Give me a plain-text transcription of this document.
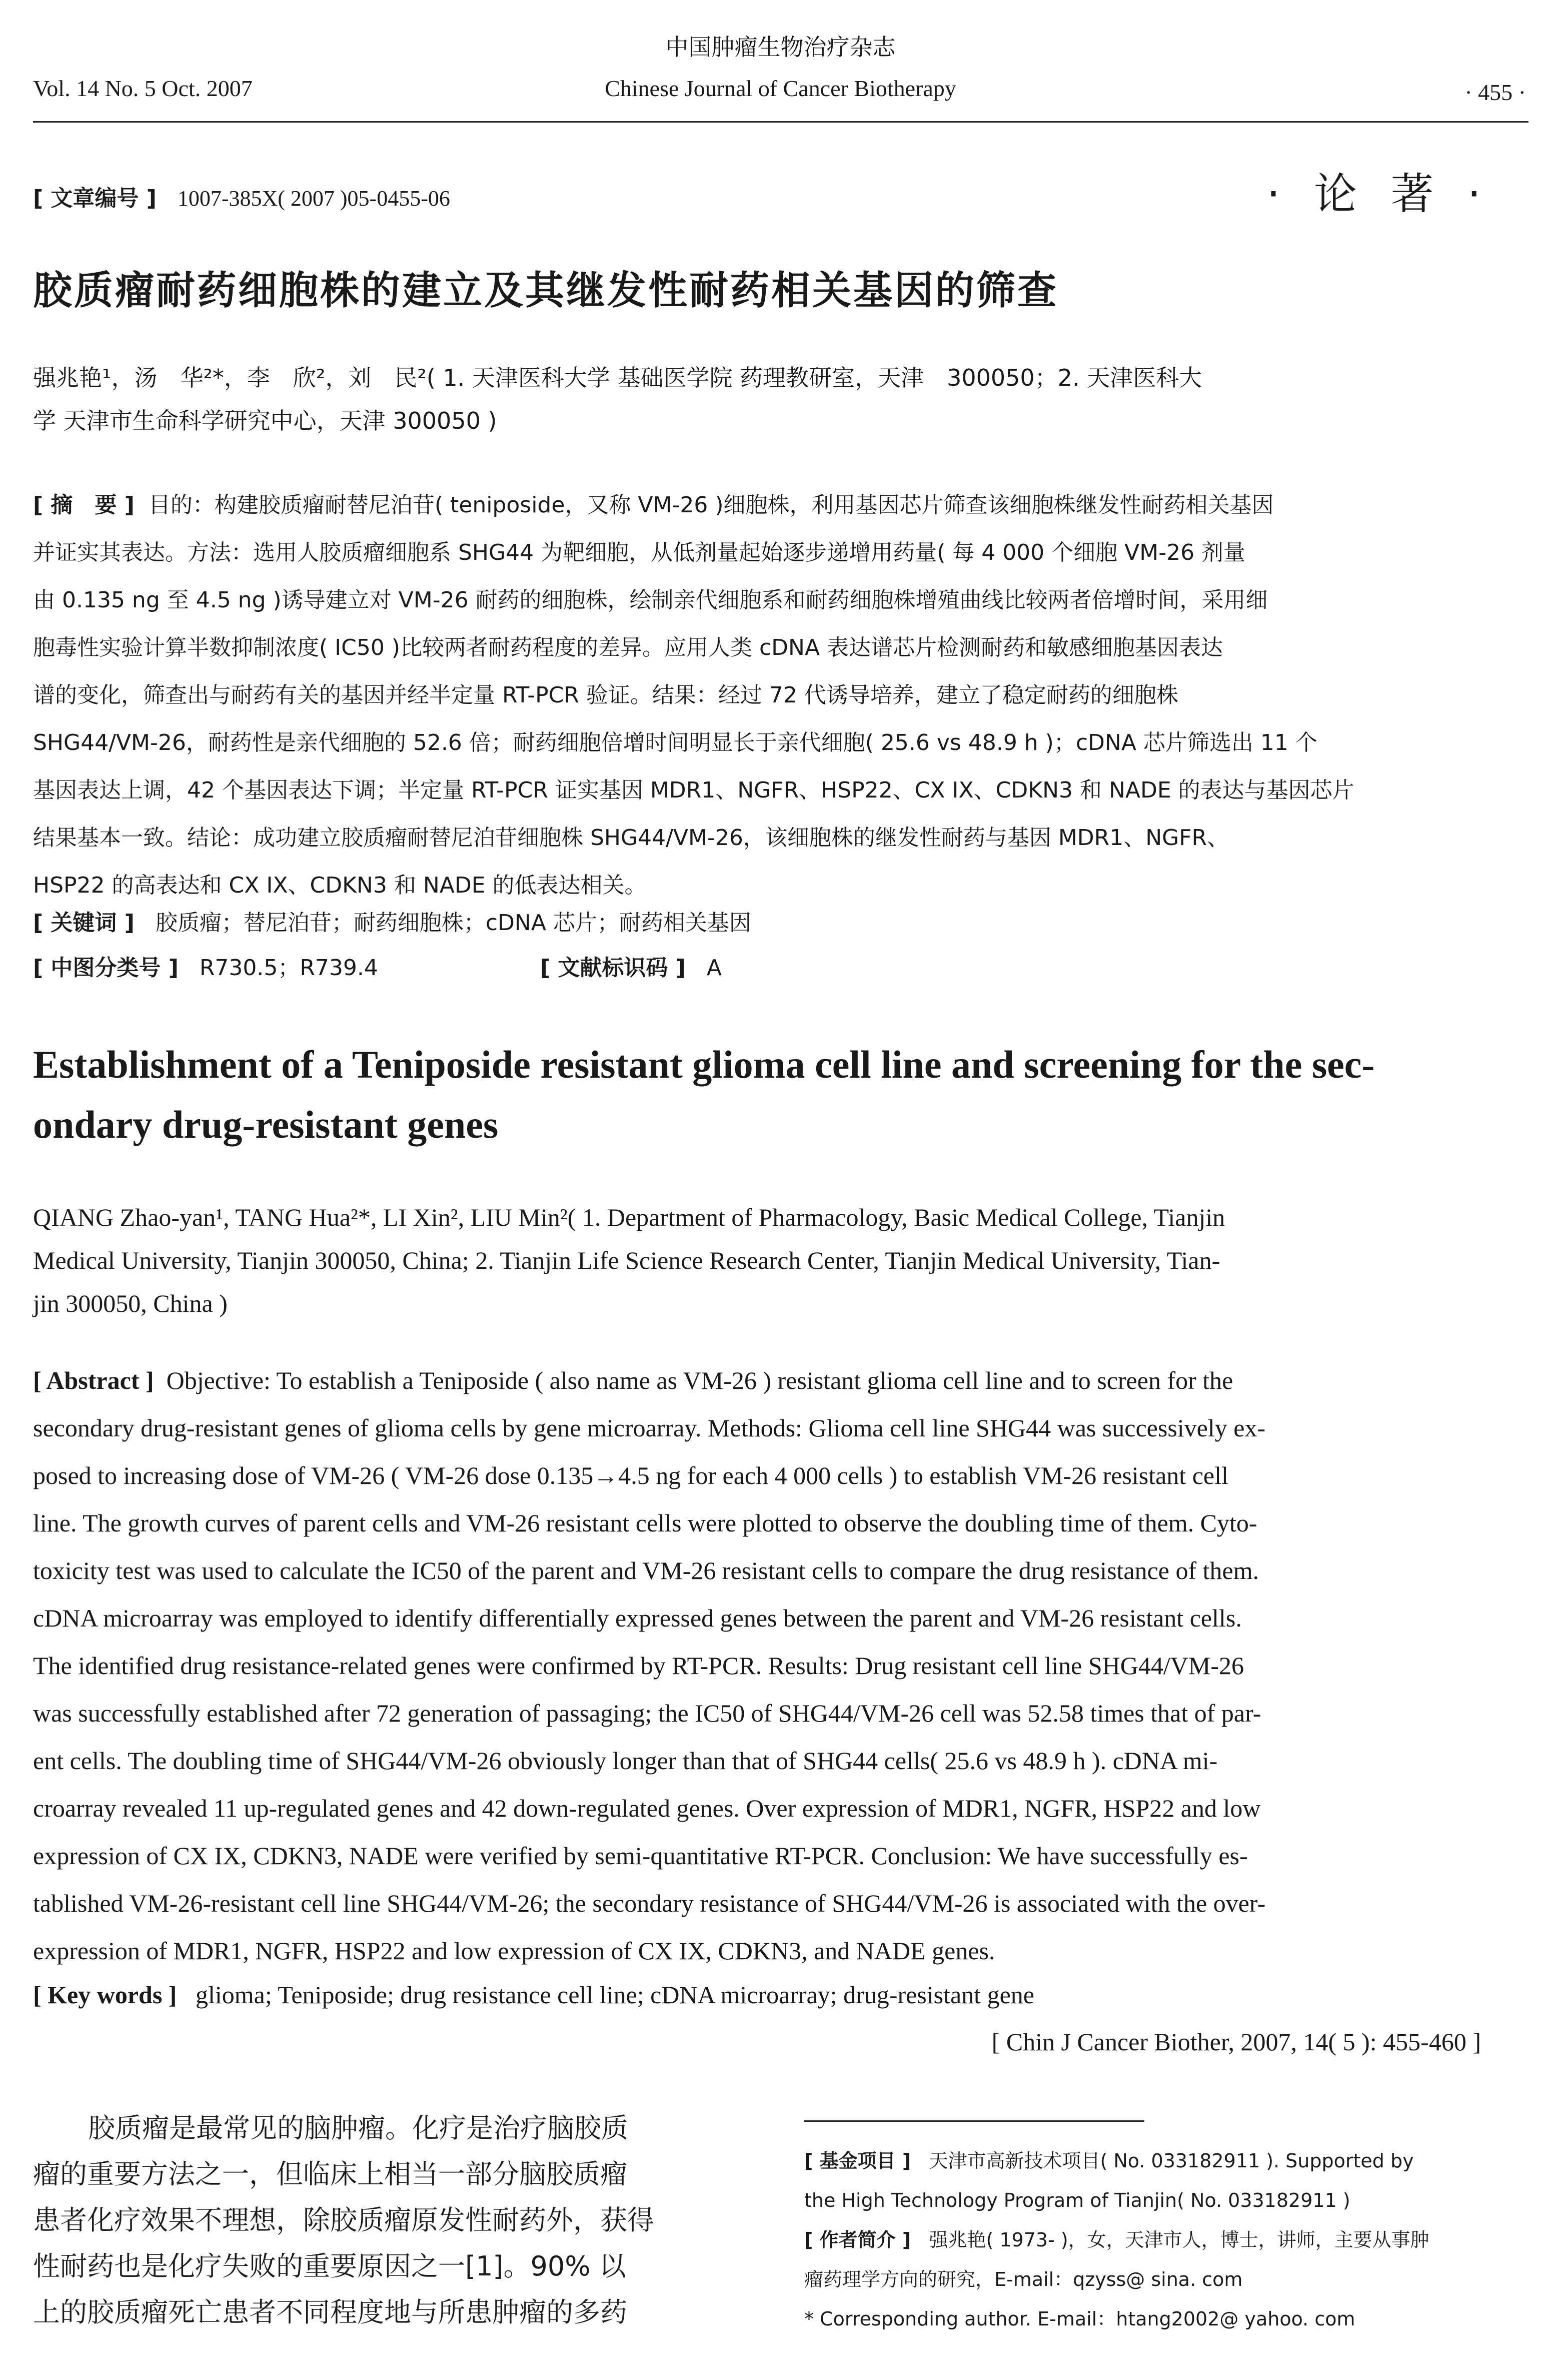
中国肿瘤生物治疗杂志
Vol. 14 No. 5 Oct. 2007	Chinese Journal of Cancer Biotherapy	· 455 ·
[ 文章编号 ] 1007-385X( 2007 )05-0455-06	· 论 著 ·
胶质瘤耐药细胞株的建立及其继发性耐药相关基因的筛查
强兆艳¹，汤　华²*，李　欣²，刘　民²( 1. 天津医科大学 基础医学院 药理教研室，天津　300050；2. 天津医科大
学 天津市生命科学研究中心，天津 300050 )
[ 摘　要 ] 目的：构建胶质瘤耐替尼泊苷( teniposide，又称 VM-26 )细胞株，利用基因芯片筛查该细胞株继发性耐药相关基因
并证实其表达。方法：选用人胶质瘤细胞系 SHG44 为靶细胞，从低剂量起始逐步递增用药量( 每 4 000 个细胞 VM-26 剂量
由 0.135 ng 至 4.5 ng )诱导建立对 VM-26 耐药的细胞株，绘制亲代细胞系和耐药细胞株增殖曲线比较两者倍增时间，采用细
胞毒性实验计算半数抑制浓度( IC50 )比较两者耐药程度的差异。应用人类 cDNA 表达谱芯片检测耐药和敏感细胞基因表达
谱的变化，筛查出与耐药有关的基因并经半定量 RT-PCR 验证。结果：经过 72 代诱导培养，建立了稳定耐药的细胞株
SHG44/VM-26，耐药性是亲代细胞的 52.6 倍；耐药细胞倍增时间明显长于亲代细胞( 25.6 vs 48.9 h )；cDNA 芯片筛选出 11 个
基因表达上调，42 个基因表达下调；半定量 RT-PCR 证实基因 MDR1、NGFR、HSP22、CX IX、CDKN3 和 NADE 的表达与基因芯片
结果基本一致。结论：成功建立胶质瘤耐替尼泊苷细胞株 SHG44/VM-26，该细胞株的继发性耐药与基因 MDR1、NGFR、
HSP22 的高表达和 CX IX、CDKN3 和 NADE 的低表达相关。
[ 关键词 ] 胶质瘤；替尼泊苷；耐药细胞株；cDNA 芯片；耐药相关基因
[ 中图分类号 ] R730.5；R739.4	[ 文献标识码 ] A
Establishment of a Teniposide resistant glioma cell line and screening for the sec-
ondary drug-resistant genes
QIANG Zhao-yan¹, TANG Hua²*, LI Xin², LIU Min²( 1. Department of Pharmacology, Basic Medical College, Tianjin
Medical University, Tianjin 300050, China; 2. Tianjin Life Science Research Center, Tianjin Medical University, Tian-
jin 300050, China )
[ Abstract ] Objective: To establish a Teniposide ( also name as VM-26 ) resistant glioma cell line and to screen for the
secondary drug-resistant genes of glioma cells by gene microarray. Methods: Glioma cell line SHG44 was successively ex-
posed to increasing dose of VM-26 ( VM-26 dose 0.135→4.5 ng for each 4 000 cells ) to establish VM-26 resistant cell
line. The growth curves of parent cells and VM-26 resistant cells were plotted to observe the doubling time of them. Cyto-
toxicity test was used to calculate the IC50 of the parent and VM-26 resistant cells to compare the drug resistance of them.
cDNA microarray was employed to identify differentially expressed genes between the parent and VM-26 resistant cells.
The identified drug resistance-related genes were confirmed by RT-PCR. Results: Drug resistant cell line SHG44/VM-26
was successfully established after 72 generation of passaging; the IC50 of SHG44/VM-26 cell was 52.58 times that of par-
ent cells. The doubling time of SHG44/VM-26 obviously longer than that of SHG44 cells( 25.6 vs 48.9 h ). cDNA mi-
croarray revealed 11 up-regulated genes and 42 down-regulated genes. Over expression of MDR1, NGFR, HSP22 and low
expression of CX IX, CDKN3, NADE were verified by semi-quantitative RT-PCR. Conclusion: We have successfully es-
tablished VM-26-resistant cell line SHG44/VM-26; the secondary resistance of SHG44/VM-26 is associated with the over-
expression of MDR1, NGFR, HSP22 and low expression of CX IX, CDKN3, and NADE genes.
[ Key words ] glioma; Teniposide; drug resistance cell line; cDNA microarray; drug-resistant gene
[ Chin J Cancer Biother, 2007, 14( 5 ): 455-460 ]
胶质瘤是最常见的脑肿瘤。化疗是治疗脑胶质
瘤的重要方法之一，但临床上相当一部分脑胶质瘤
患者化疗效果不理想，除胶质瘤原发性耐药外，获得
性耐药也是化疗失败的重要原因之一[1]。90% 以
上的胶质瘤死亡患者不同程度地与所患肿瘤的多药
[ 基金项目 ] 天津市高新技术项目( No. 033182911 ). Supported by
the High Technology Program of Tianjin( No. 033182911 )
[ 作者简介 ] 强兆艳( 1973- )，女，天津市人，博士，讲师，主要从事肿
瘤药理学方向的研究，E-mail：qzyss@ sina. com
* Corresponding author. E-mail：htang2002@ yahoo. com
